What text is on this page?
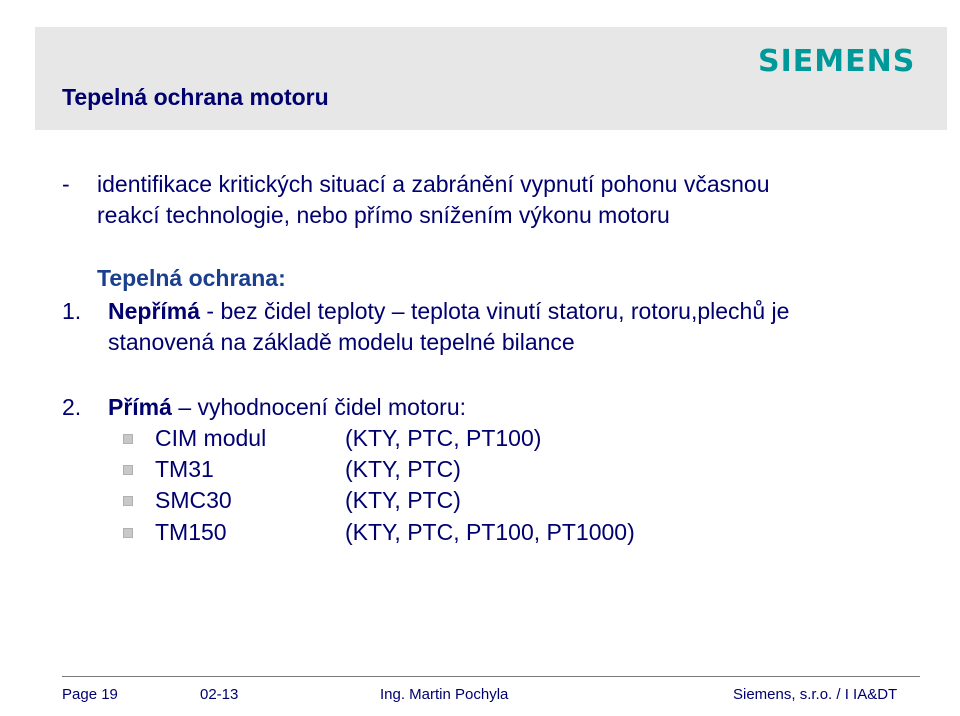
Tepelná ochrana motoru
SIEMENS
- identifikace kritických situací a zabránění vypnutí pohonu včasnou
reakcí technologie, nebo přímo snížením výkonu motoru
Tepelná ochrana:
1. Nepřímá - bez čidel teploty – teplota vinutí statoru, rotoru,plechů je
stanovená na základě modelu tepelné bilance
2. Přímá – vyhodnocení čidel motoru:
CIM modul	(KTY, PTC, PT100)
TM31	(KTY, PTC)
SMC30	(KTY, PTC)
TM150	(KTY, PTC, PT100, PT1000)
Page 19	02-13	Ing. Martin Pochyla	Siemens, s.r.o. / I IA&DT
